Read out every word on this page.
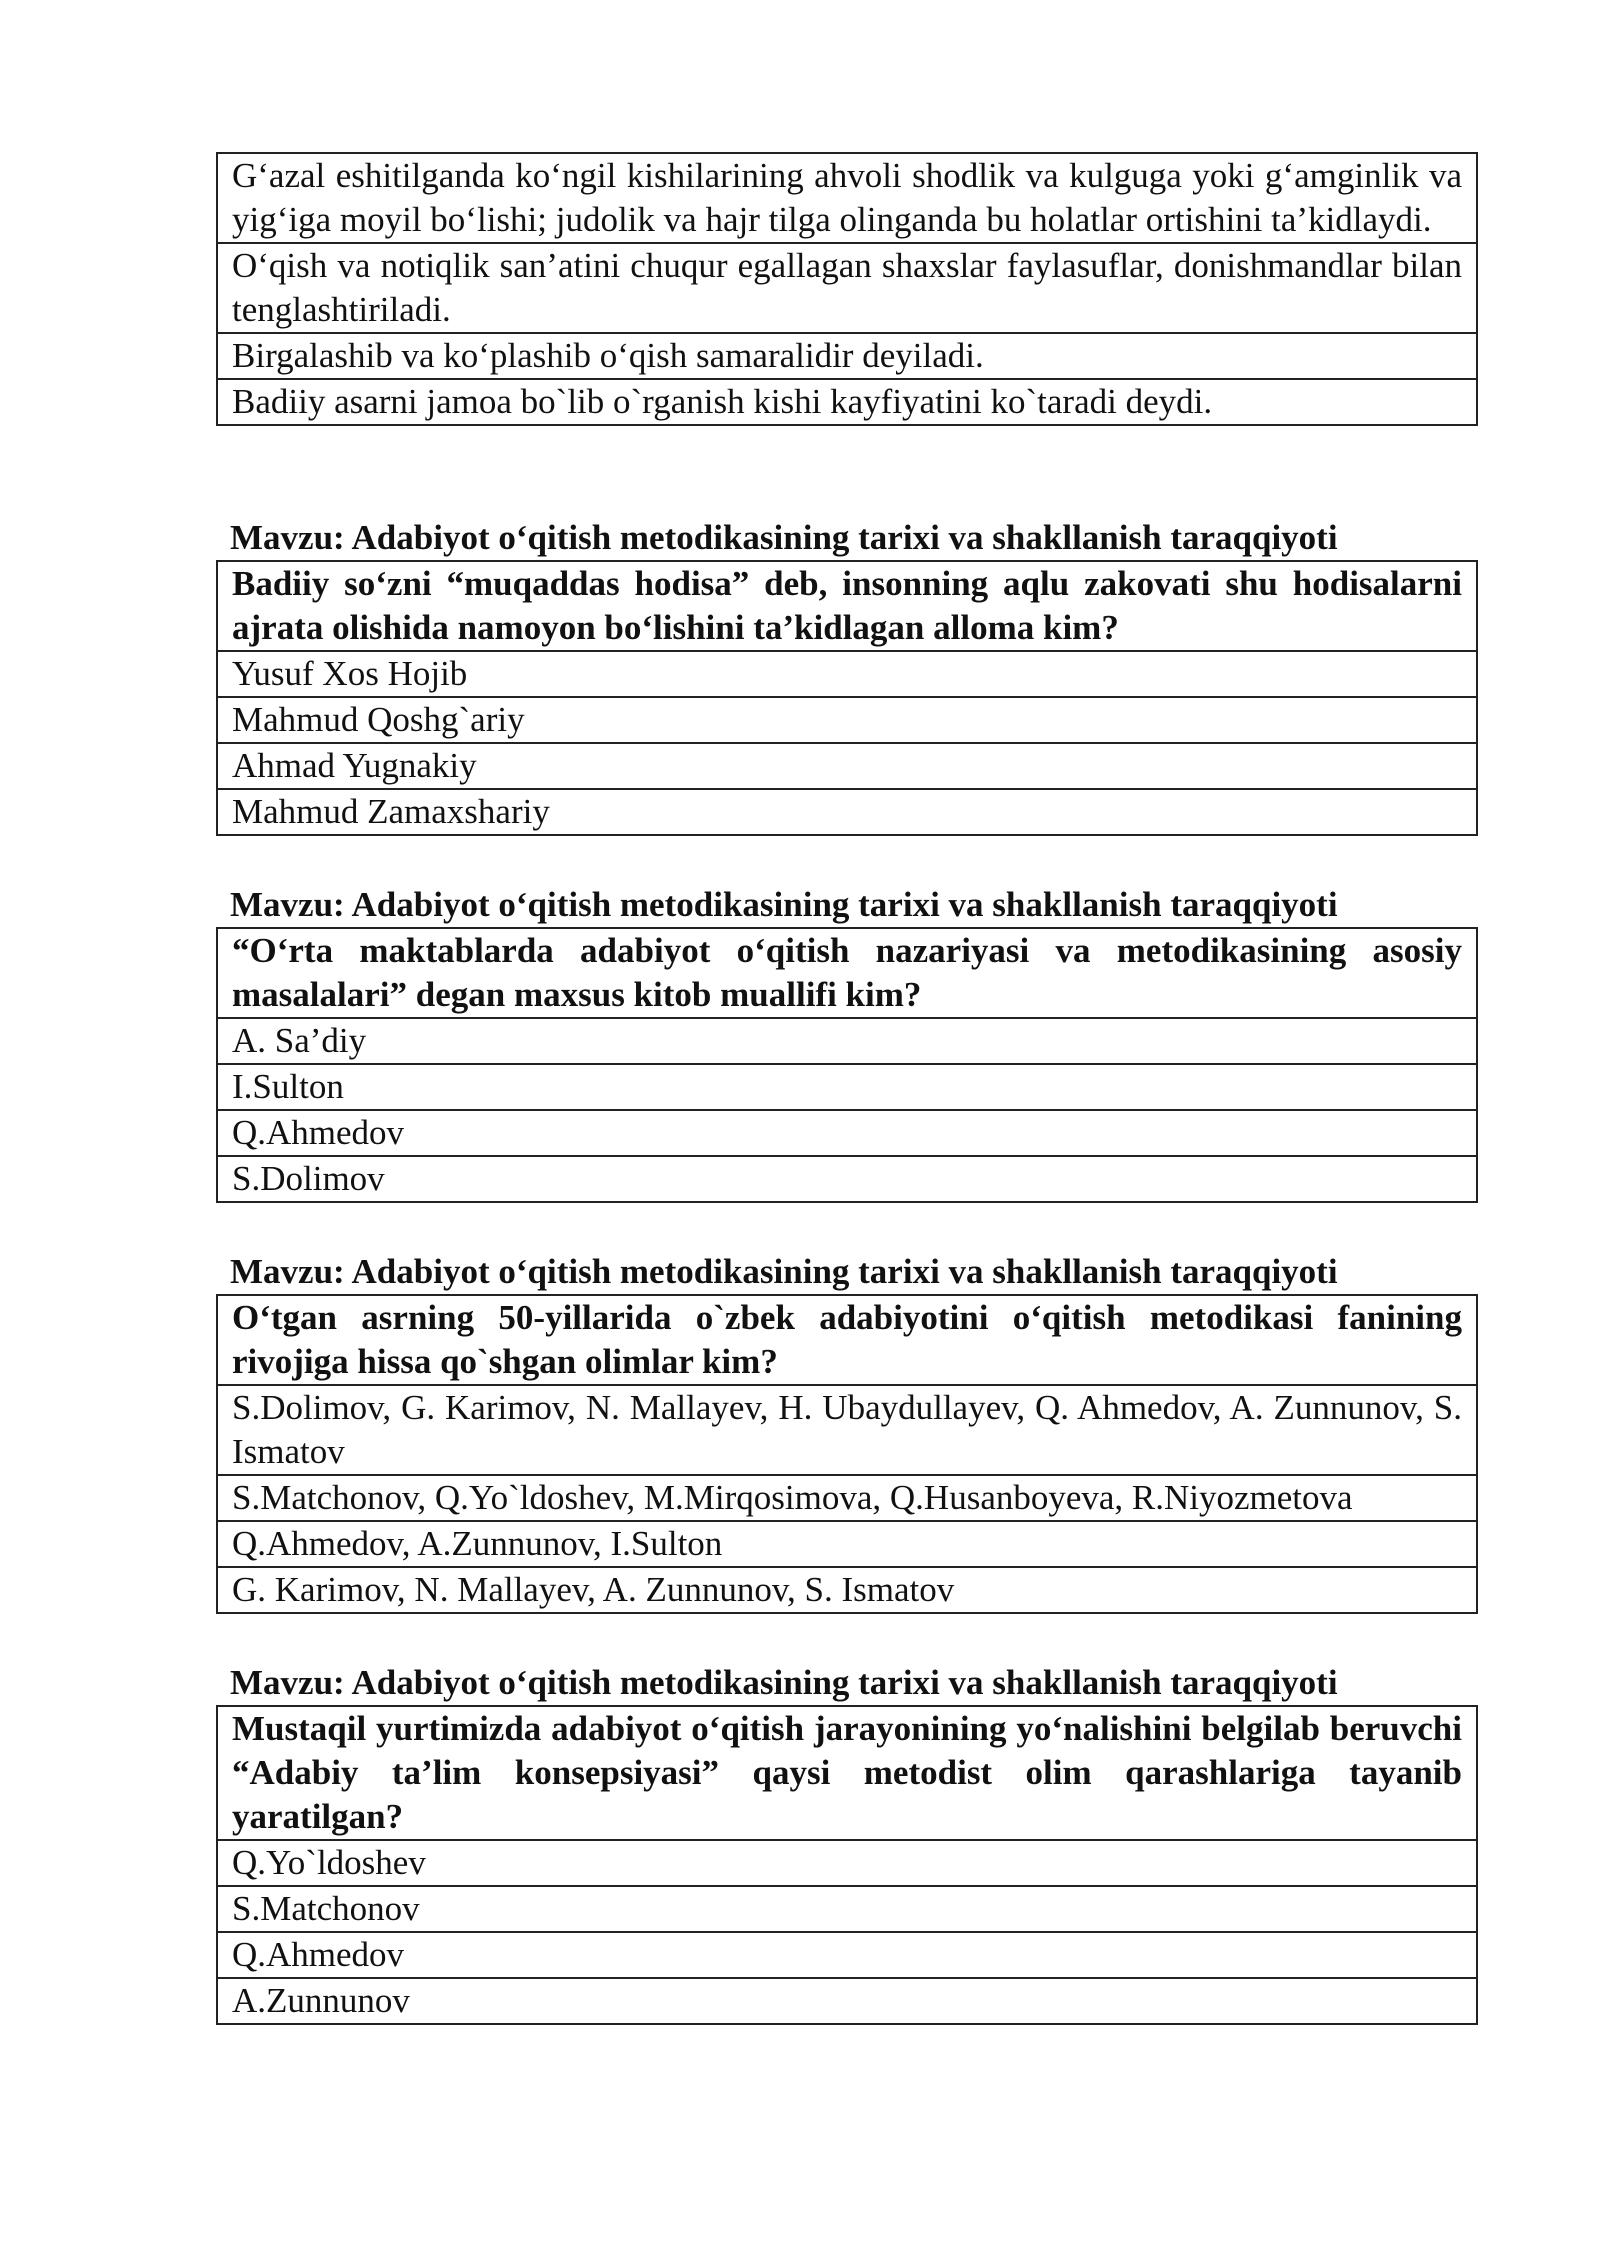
G‘azal eshitilganda ko‘ngil kishilarining ahvoli shodlik va kulguga yoki g‘amginlik va yig‘iga moyil bo‘lishi; judolik va hajr tilga olinganda bu holatlar ortishini ta’kidlaydi.
O‘qish va notiqlik san’atini chuqur egallagan shaxslar faylasuflar, donishmandlar bilan tenglashtiriladi.
Birgalashib va ko‘plashib o‘qish samaralidir deyiladi.
Badiiy asarni jamoa bo`lib o`rganish kishi kayfiyatini ko`taradi deydi.

Mavzu: Adabiyot o‘qitish metodikasining tarixi va shakllanish taraqqiyoti

Badiiy so‘zni “muqaddas hodisa” deb, insonning aqlu zakovati shu hodisalarni ajrata olishida namoyon bo‘lishini ta’kidlagan alloma kim?
Yusuf Xos Hojib
Mahmud Qoshg`ariy
Ahmad Yugnakiy
Mahmud Zamaxshariy

Mavzu: Adabiyot o‘qitish metodikasining tarixi va shakllanish taraqqiyoti

“O‘rta maktablarda adabiyot o‘qitish nazariyasi va metodikasining asosiy masalalari” degan maxsus kitob muallifi kim?
A. Sa’diy
I.Sulton
Q.Ahmedov
S.Dolimov

Mavzu: Adabiyot o‘qitish metodikasining tarixi va shakllanish taraqqiyoti

O‘tgan asrning 50-yillarida o`zbek adabiyotini o‘qitish metodikasi fanining rivojiga hissa qo`shgan olimlar kim?
S.Dolimov, G. Karimov, N. Mallayev, H. Ubaydullayev, Q. Ahmedov, A. Zunnunov, S. Ismatov
S.Matchonov, Q.Yo`ldoshev, M.Mirqosimova, Q.Husanboyeva, R.Niyozmetova
Q.Ahmedov, A.Zunnunov, I.Sulton
G. Karimov, N. Mallayev, A. Zunnunov, S. Ismatov

Mavzu: Adabiyot o‘qitish metodikasining tarixi va shakllanish taraqqiyoti

Mustaqil yurtimizda adabiyot o‘qitish jarayonining yo‘nalishini belgilab beruvchi “Adabiy ta’lim konsepsiyasi” qaysi metodist olim qarashlariga tayanib yaratilgan?
Q.Yo`ldoshev
S.Matchonov
Q.Ahmedov
A.Zunnunov
